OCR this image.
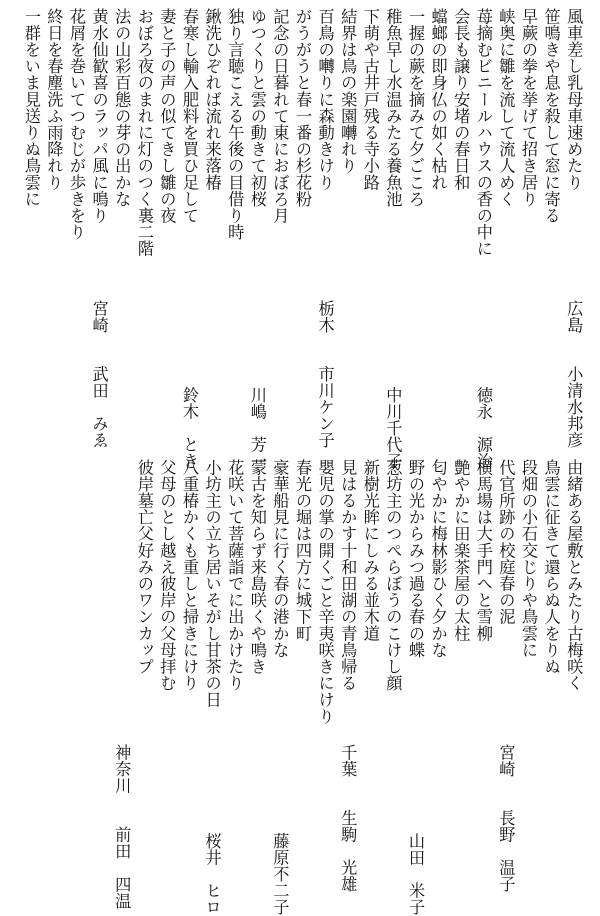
風車差し乳母車速めたり
笹鳴きや息を殺して窓に寄る
早蕨の拳を挙げて招き居り
峡奥に雛を流して流人めく
苺摘むビニールハウスの香の中に
会長も譲り安堵の春日和
蟷螂の即身仏の如く枯れ
一握の蕨を摘みて夕ごころ
稚魚早し水温みたる養魚池
下萌や古井戸残る寺小路
結界は鳥の楽園囀れり
百鳥の囀りに森動きけり
がうがうと春一番の杉花粉
記念の日暮れて東におぼろ月
ゆつくりと雲の動きて初桜
独り言聴こえる午後の目借り時
鍬洗ひぞれば流れ来落椿
春寒し輸入肥料を買ひ足して
妻と子の声の似てきし雛の夜
おぼろ夜のまれに灯のつく裏二階
法の山彩百態の芽の出かな
黄水仙歓喜のラッパ風に鳴り
花屑を巻いてつむじが歩きをり
終日を春塵洗ふ雨降れり
一群をいま見送りぬ鳥雲に
広島小清水邦彦
徳永　源治
中川千代子
栃木市川ケン子
川嶋　芳一
鈴木　とき
宮崎武田　みゑ
由緒ある屋敷とみたり古梅咲く
鳥雲に征きて還らぬ人をりぬ
段畑の小石交じりや鳥雲に
代官所跡の校庭春の泥
横馬場は大手門へと雪柳
艶やかに田楽茶屋の太柱
匂やかに梅林影ひく夕かな
野の光からみつ過る春の蝶
葱坊主のつぺらぼうのこけし顔
新樹光眸にしみる並木道
見はるかす十和田湖の青鳥帰る
嬰児の掌の開くごと辛夷咲きにけり
春光の堀は四方に城下町
豪華船見に行く春の港かな
蒙古を知らず来島咲くや鳴き
花咲いて菩薩詣でに出かけたり
小坊主の立ち居いそがし甘茶の日
八重椿かくも重しと掃きにけり
父母のとし越え彼岸の父母拝む
彼岸墓亡父好みのワンカップ
宮崎長野　温子
山田　米子
千葉生駒　光雄
藤原不二子
桜井　ヒロ
神奈川前田　四温
